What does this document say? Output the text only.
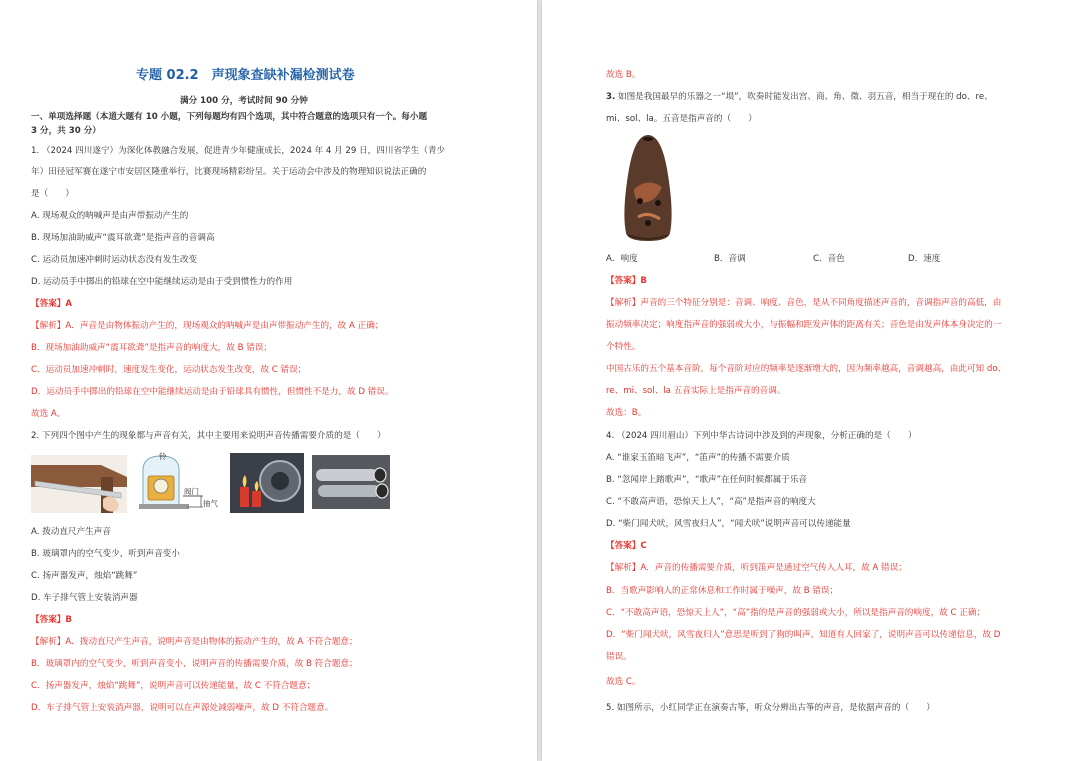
专题 02.2　声现象查缺补漏检测试卷
满分 100 分，考试时间 90 分钟
一、单项选择题（本道大题有 10 小题，下列每题均有四个选项，其中符合题意的选项只有一个。每小题
3 分，共 30 分）
1. （2024 四川遂宁）为深化体教融合发展，促进青少年健康成长，2024 年 4 月 29 日，四川省学生（青少
年）田径冠军赛在遂宁市安居区隆重举行，比赛现场精彩纷呈。关于运动会中涉及的物理知识说法正确的
是（　　）
A. 现场观众的呐喊声是由声带振动产生的
B. 现场加油助威声“震耳欲聋”是指声音的音调高
C. 运动员加速冲刺时运动状态没有发生改变
D. 运动员手中掷出的铅球在空中能继续运动是由于受到惯性力的作用
【答案】A
【解析】A．声音是由物体振动产生的，现场观众的呐喊声是由声带振动产生的，故 A 正确；
B．现场加油助威声“震耳欲聋”是指声音的响度大，故 B 错误；
C．运动员加速冲刺时，速度发生变化，运动状态发生改变，故 C 错误；
D．运动员手中掷出的铅球在空中能继续运动是由于铅球具有惯性，但惯性不是力，故 D 错误。
故选 A。
2. 下列四个图中产生的现象都与声音有关，其中主要用来说明声音传播需要介质的是（　　）
铃
阀门
抽气
A. 拨动直尺产生声音
B. 玻璃罩内的空气变少，听到声音变小
C. 扬声器发声，烛焰“跳舞”
D. 车子排气管上安装消声器
【答案】B
【解析】A．拨动直尺产生声音，说明声音是由物体的振动产生的，故 A 不符合题意；
B．玻璃罩内的空气变少，听到声音变小，说明声音的传播需要介质，故 B 符合题意；
C．扬声器发声，烛焰“跳舞”，说明声音可以传递能量，故 C 不符合题意；
D．车子排气管上安装消声器，说明可以在声源处减弱噪声，故 D 不符合题意。
故选 B。
3. 如图是我国最早的乐器之一“埙”，吹奏时能发出宫、商、角、徵、羽五音，相当于现在的 do、re、
mi、sol、la。五音是指声音的（　　）
A．响度	B．音调	C．音色	D．速度
【答案】B
【解析】声音的三个特征分别是：音调、响度、音色，是从不同角度描述声音的，音调指声音的高低，由
振动频率决定；响度指声音的强弱或大小，与振幅和距发声体的距离有关；音色是由发声体本身决定的一
个特性。
中国古乐的五个基本音阶，每个音阶对应的频率是逐渐增大的，因为频率越高，音调越高，由此可知 do、
re、mi、sol、la 五音实际上是指声音的音调。
故选：B。
4. （2024 四川眉山）下列中华古诗词中涉及到的声现象，分析正确的是（　　）
A. “谁家玉笛暗飞声”，“笛声”的传播不需要介质
B. “忽闻岸上踏歌声”，“歌声”在任何时候都属于乐音
C. “不敢高声语，恐惊天上人”，“高”是指声音的响度大
D. “柴门闻犬吠，风雪夜归人”，“闻犬吠”说明声音可以传递能量
【答案】C
【解析】A．声音的传播需要介质，听到笛声是通过空气传入人耳，故 A 错误；
B．当歌声影响人的正常休息和工作时属于噪声，故 B 错误；
C．“不敢高声语，恐惊天上人”，“高”指的是声音的强弱或大小，所以是指声音的响度，故 C 正确；
D．“柴门闻犬吠，风雪夜归人”意思是听到了狗的叫声，知道有人回家了，说明声音可以传递信息，故 D
错误。
故选 C。
5. 如图所示，小红同学正在演奏古筝，听众分辨出古筝的声音，是依据声音的（　　）
